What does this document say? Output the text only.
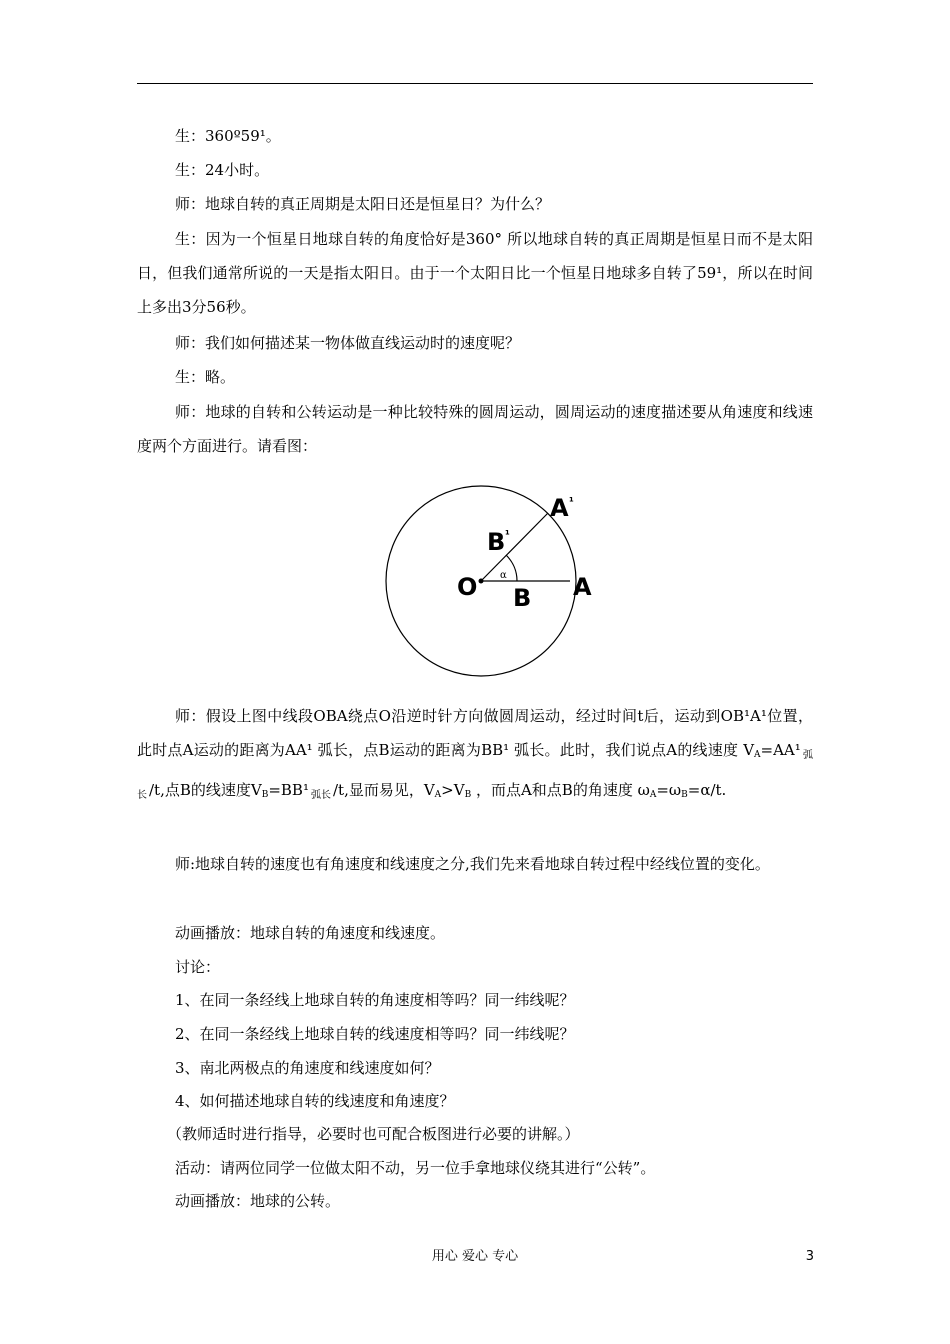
生：360º59¹。
生：24小时。
师：地球自转的真正周期是太阳日还是恒星日？为什么？
生：因为一个恒星日地球自转的角度恰好是360° 所以地球自转的真正周期是恒星日而不是太阳日，但我们通常所说的一天是指太阳日。由于一个太阳日比一个恒星日地球多自转了59¹，所以在时间上多出3分56秒。
师：我们如何描述某一物体做直线运动时的速度呢？
生：略。
师：地球的自转和公转运动是一种比较特殊的圆周运动，圆周运动的速度描述要从角速度和线速度两个方面进行。请看图：
A ¹
B ¹
O B A
α
师：假设上图中线段OBA绕点O沿逆时针方向做圆周运动，经过时间t后，运动到OB¹A¹位置，此时点A运动的距离为AA¹ 弧长，点B运动的距离为BB¹ 弧长。此时，我们说点A的线速度 $V_A=AA^1$ $_{弧长}$ /t,点B的线速度$V_B=BB^1$ $_{弧长}$ /t,显而易见，$V_A>V_B$ ，而点A和点B的角速度 $\omega_A=\omega_B=\alpha/t$.
师:地球自转的速度也有角速度和线速度之分,我们先来看地球自转过程中经线位置的变化。
动画播放：地球自转的角速度和线速度。
讨论：
1、在同一条经线上地球自转的角速度相等吗？同一纬线呢？
2、在同一条经线上地球自转的线速度相等吗？同一纬线呢？
3、南北两极点的角速度和线速度如何？
4、如何描述地球自转的线速度和角速度？
（教师适时进行指导，必要时也可配合板图进行必要的讲解。）
活动：请两位同学一位做太阳不动，另一位手拿地球仪绕其进行“公转”。
动画播放：地球的公转。
用心 爱心 专心	3
